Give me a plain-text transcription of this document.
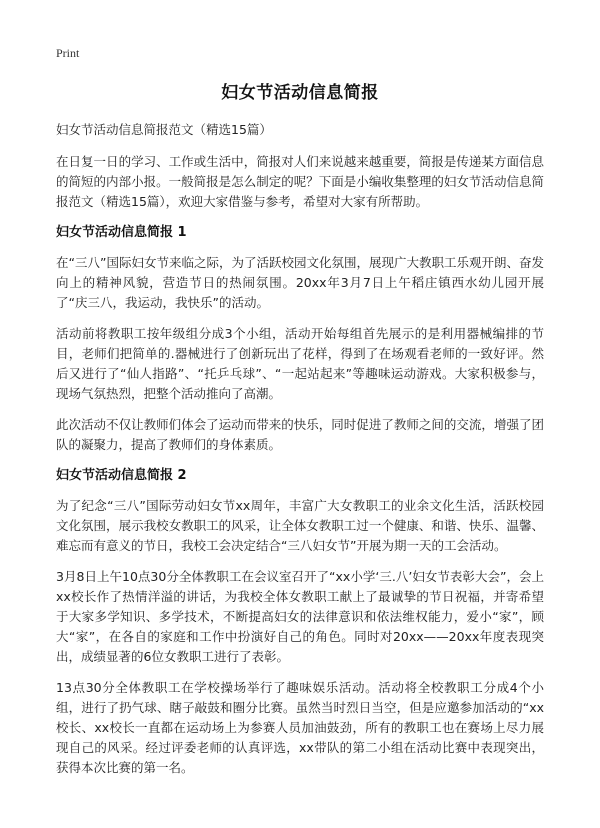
Print
妇女节活动信息简报

妇女节活动信息简报范文（精选15篇）

在日复一日的学习、工作或生活中，简报对人们来说越来越重要，简报是传递某方面信息的简短的内部小报。一般简报是怎么制定的呢？下面是小编收集整理的妇女节活动信息简报范文（精选15篇），欢迎大家借鉴与参考，希望对大家有所帮助。

妇女节活动信息简报 1

在“三八”国际妇女节来临之际，为了活跃校园文化氛围，展现广大教职工乐观开朗、奋发向上的精神风貌，营造节日的热闹氛围。20xx年3月7日上午稻庄镇西水幼儿园开展了“庆三八，我运动，我快乐”的活动。

活动前将教职工按年级组分成3个小组，活动开始每组首先展示的是利用器械编排的节目，老师们把简单的.器械进行了创新玩出了花样，得到了在场观看老师的一致好评。然后又进行了“仙人指路”、“托乒乓球”、“一起站起来”等趣味运动游戏。大家积极参与，现场气氛热烈，把整个活动推向了高潮。

此次活动不仅让教师们体会了运动而带来的快乐，同时促进了教师之间的交流，增强了团队的凝聚力，提高了教师们的身体素质。

妇女节活动信息简报 2

为了纪念“三八”国际劳动妇女节xx周年，丰富广大女教职工的业余文化生活，活跃校园文化氛围，展示我校女教职工的风采，让全体女教职工过一个健康、和谐、快乐、温馨、难忘而有意义的节日，我校工会决定结合“三八妇女节”开展为期一天的工会活动。

3月8日上午10点30分全体教职工在会议室召开了“xx小学‘三.八’妇女节表彰大会”，会上xx校长作了热情洋溢的讲话，为我校全体女教职工献上了最诚挚的节日祝福，并寄希望于大家多学知识、多学技术，不断提高妇女的法律意识和依法维权能力，爱小“家”，顾大“家”，在各自的家庭和工作中扮演好自己的角色。同时对20xx——20xx年度表现突出，成绩显著的6位女教职工进行了表彰。

13点30分全体教职工在学校操场举行了趣味娱乐活动。活动将全校教职工分成4个小组，进行了扔气球、瞎子敲鼓和圈分比赛。虽然当时烈日当空，但是应邀参加活动的“xx校长、xx校长一直都在运动场上为参赛人员加油鼓劲，所有的教职工也在赛场上尽力展现自己的风采。经过评委老师的认真评选，xx带队的第二小组在活动比赛中表现突出，获得本次比赛的第一名。
